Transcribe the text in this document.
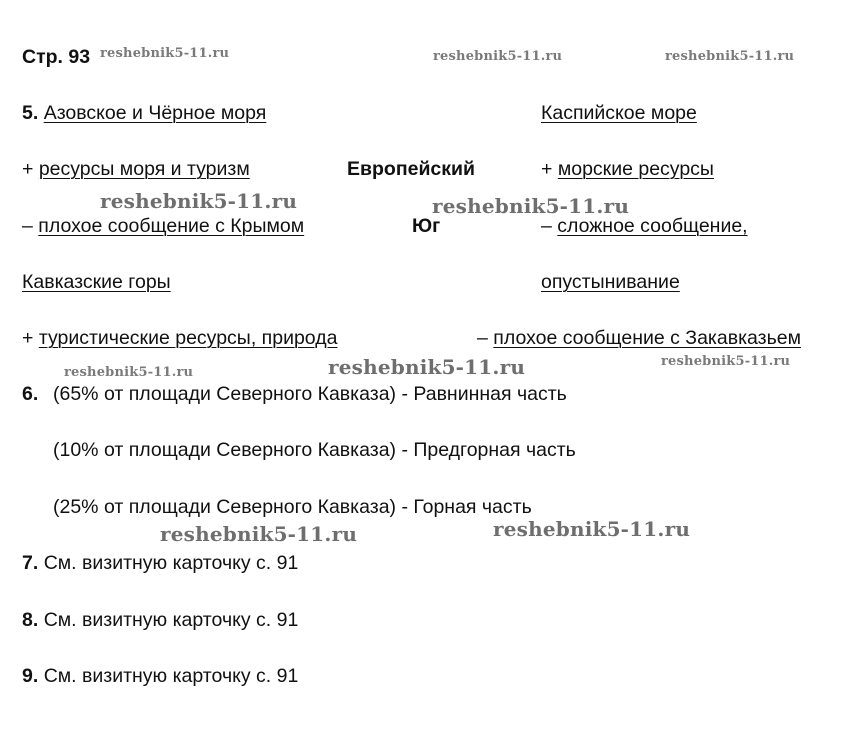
Стр. 93 reshebnik5-11.ru	reshebnik5-11.ru	reshebnik5-11.ru
reshebnik5-11.ru	reshebnik5-11.ru
reshebnik5-11.ru	reshebnik5-11.ru	reshebnik5-11.ru
reshebnik5-11.ru	reshebnik5-11.ru
5. Азовское и Чёрное моря	Каспийское море
+ ресурсы моря и туризм	Европейский	+ морские ресурсы
– плохое сообщение с Крымом	Юг	– сложное сообщение,
Кавказские горы	опустынивание
+ туристические ресурсы, природа	– плохое сообщение с Закавказьем
6. (65% от площади Северного Кавказа) - Равнинная часть
(10% от площади Северного Кавказа) - Предгорная часть
(25% от площади Северного Кавказа) - Горная часть
7. См. визитную карточку с. 91
8. См. визитную карточку с. 91
9. См. визитную карточку с. 91
